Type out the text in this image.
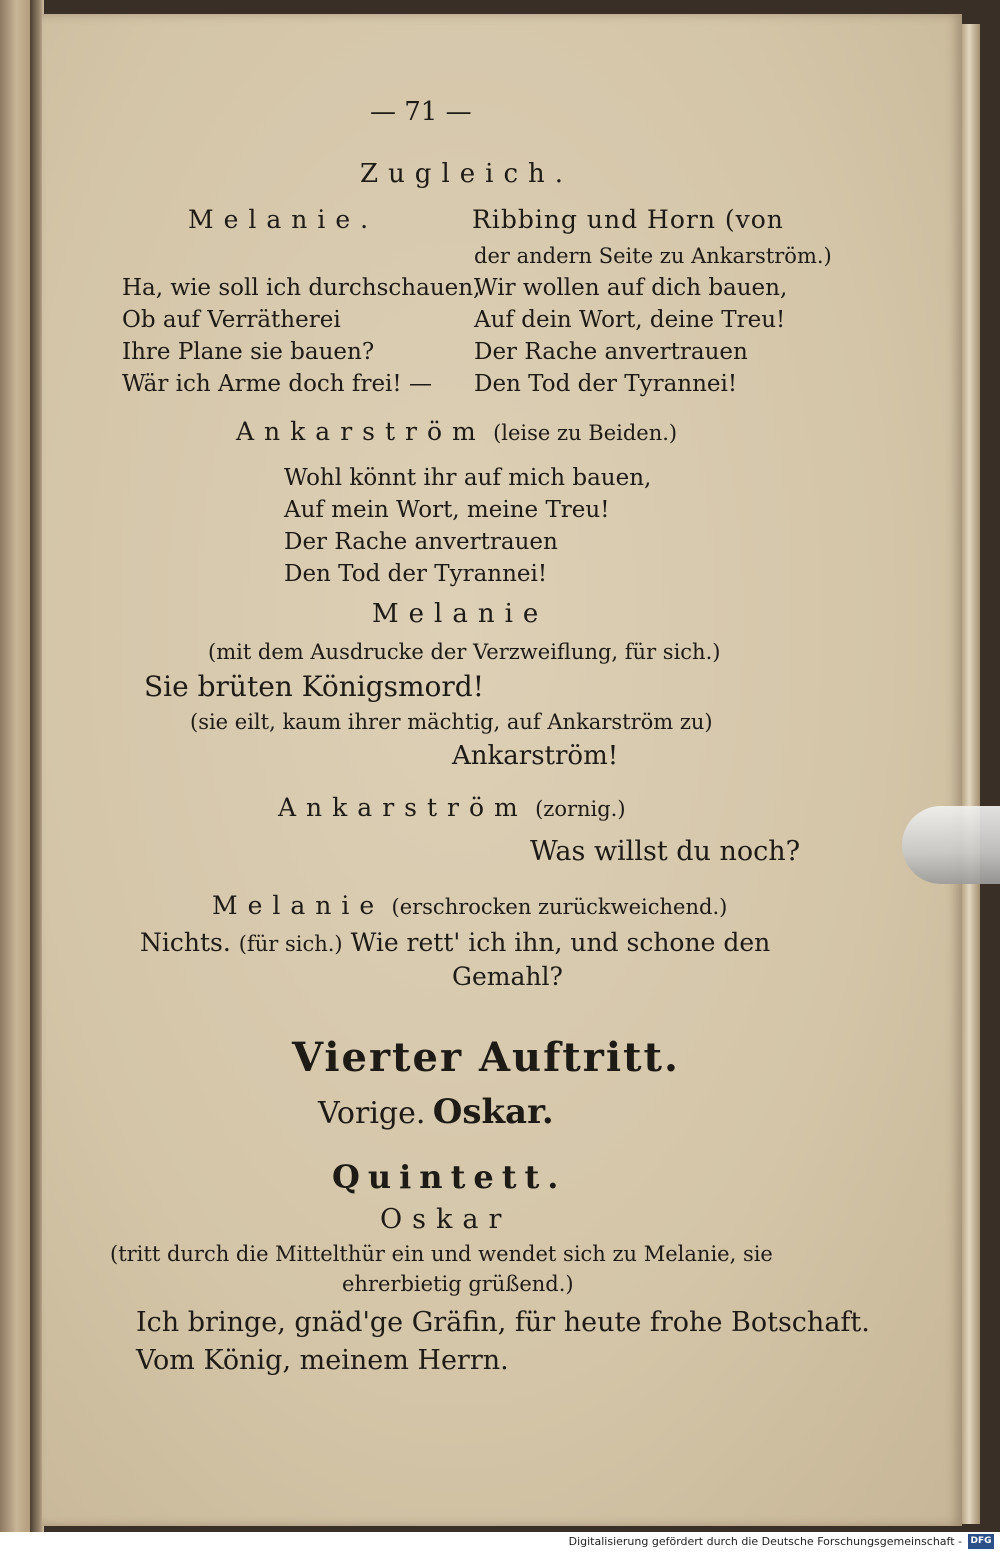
— 71 —
Zugleich.
Melanie.
Ha, wie soll ich durchschauen,
Ob auf Verrätherei
Ihre Plane sie bauen?
Wär ich Arme doch frei! —
Ribbing und Horn (von
der andern Seite zu Ankarström.)
Wir wollen auf dich bauen,
Auf dein Wort, deine Treu!
Der Rache anvertrauen
Den Tod der Tyrannei!
Ankarström (leise zu Beiden.)
Wohl könnt ihr auf mich bauen,
Auf mein Wort, meine Treu!
Der Rache anvertrauen
Den Tod der Tyrannei!
Melanie
(mit dem Ausdrucke der Verzweiflung, für sich.)
Sie brüten Königsmord!
(sie eilt, kaum ihrer mächtig, auf Ankarström zu)
Ankarström!
Ankarström (zornig.)
Was willst du noch?
Melanie (erschrocken zurückweichend.)
Nichts. (für sich.) Wie rett' ich ihn, und schone den
Gemahl?
Vierter Auftritt.
Vorige. Oskar.
Quintett.
Oskar
(tritt durch die Mittelthür ein und wendet sich zu Melanie, sie
ehrerbietig grüßend.)
Ich bringe, gnäd'ge Gräfin, für heute frohe Botschaft.
Vom König, meinem Herrn.
Digitalisierung gefördert durch die Deutsche Forschungsgemeinschaft - DFG
